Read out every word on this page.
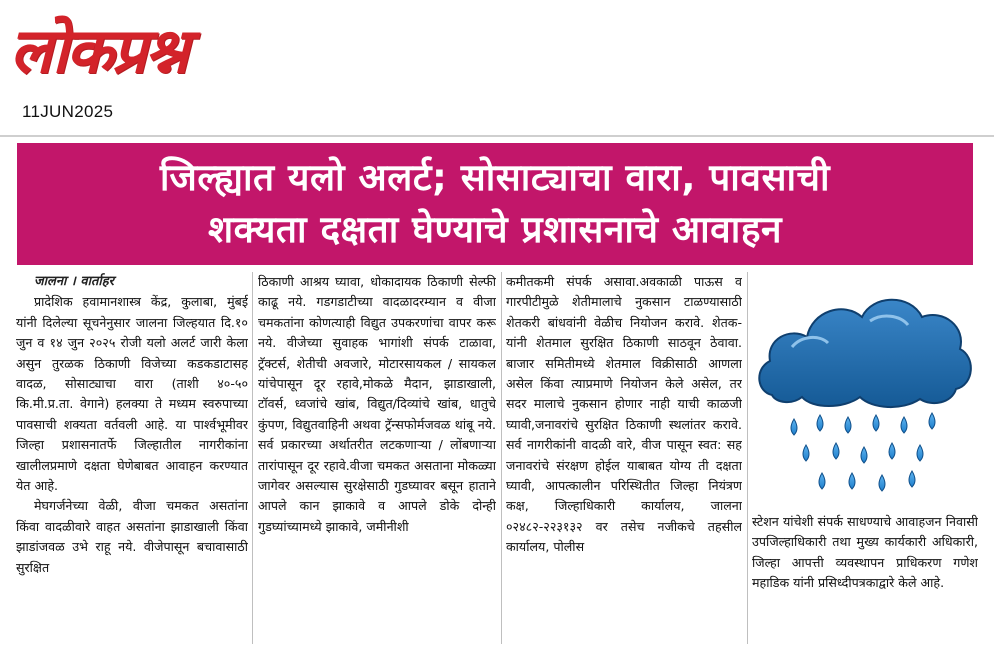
लोकप्रश्न
11JUN2025
जिल्ह्यात यलो अलर्ट; सोसाट्याचा वारा, पावसाची
शक्यता दक्षता घेण्याचे प्रशासनाचे आवाहन

जालना । वार्ताहर

प्रादेशिक हवामानशास्त्र केंद्र, कुलाबा, मुंबई यांनी दिलेल्या सूचनेनुसार जालना जिल्हयात दि.१० जुन व १४ जुन २०२५ रोजी यलो अलर्ट जारी केला असुन तुरळक ठिकाणी विजेच्या कडकडाटासह वादळ, सोसाट्याचा वारा (ताशी ४०-५० कि.मी.प्र.ता. वेगाने) हलक्या ते मध्यम स्वरुपाच्या पावसाची शक्यता वर्तवली आहे. या पार्श्वभूमीवर जिल्हा प्रशासनातर्फे जिल्हातील नागरीकांना खालीलप्रमाणे दक्षता घेणेबाबत आवाहन करण्यात येत आहे.

मेघगर्जनेच्या वेळी, वीजा चमकत असतांना किंवा वादळीवारे वाहत असतांना झाडाखाली किंवा झाडांजवळ उभे राहू नये. वीजेपासून बचावासाठी सुरक्षित

ठिकाणी आश्रय घ्यावा, धोकादायक ठिकाणी सेल्फी काढू नये. गडगडाटीच्या वादळादरम्यान व वीजा चमकतांना कोणत्याही विद्युत उपकरणांचा वापर करू नये. वीजेच्या सुवाहक भागांशी संपर्क टाळावा, ट्रॅक्टर्स, शेतीची अवजारे, मोटारसायकल / सायकल यांचेपासून दूर रहावे,मोकळे मैदान, झाडाखाली, टॉवर्स, ध्वजांचे खांब, विद्युत/दिव्यांचे खांब, धातुचे कुंपण, विद्युतवाहिनी अथवा ट्रॅन्सफोर्मजवळ थांबू नये. सर्व प्रकारच्या अर्थातरीत लटकणाऱ्या / लोंबणाऱ्या तारांपासून दूर रहावे.वीजा चमकत असताना मोकळ्या जागेवर असल्यास सुरक्षेसाठी गुडघ्यावर बसून हाताने आपले कान झाकावे व आपले डोके दोन्ही गुडघ्यांच्यामध्ये झाकावे, जमीनीशी

कमीतकमी संपर्क असावा.अवकाळी पाऊस व गारपीटीमुळे शेतीमालाचे नुकसान टाळण्यासाठी शेतकरी बांधवांनी वेळीच नियोजन करावे. शेतक-यांनी शेतमाल सुरक्षित ठिकाणी साठवून ठेवावा. बाजार समितीमध्ये शेतमाल विक्रीसाठी आणला असेल किंवा त्याप्रमाणे नियोजन केले असेल, तर सदर मालाचे नुकसान होणार नाही याची काळजी घ्यावी,जनावरांचे सुरक्षित ठिकाणी स्थलांतर करावे. सर्व नागरीकांनी वादळी वारे, वीज पासून स्वत: सह जनावरांचे संरक्षण होईल याबाबत योग्य ती दक्षता घ्यावी, आपत्कालीन परिस्थितीत जिल्हा नियंत्रण कक्ष, जिल्हाधिकारी कार्यालय, जालना ०२४८२-२२३१३२ वर तसेच नजीकचे तहसील कार्यालय, पोलीस

स्टेशन यांचेशी संपर्क साधण्याचे आवाहजन निवासी उपजिल्हाधिकारी तथा मुख्य कार्यकारी अधिकारी, जिल्हा आपत्ती व्यवस्थापन प्राधिकरण गणेश महाडिक यांनी प्रसिध्दीपत्रकाद्वारे केले आहे.
